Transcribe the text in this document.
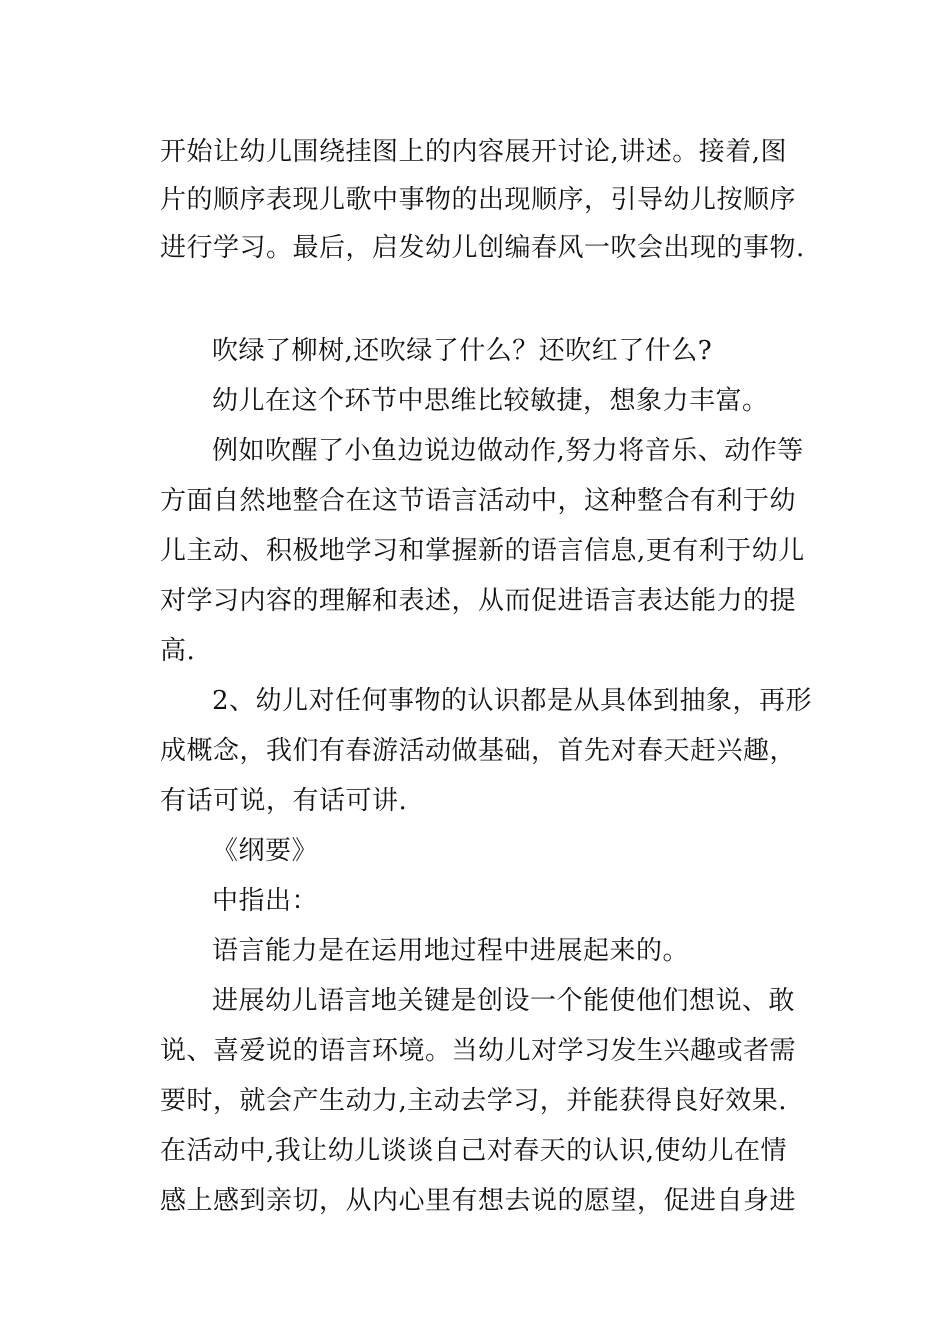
开始让幼儿围绕挂图上的内容展开讨论,讲述。接着,图
片的顺序表现儿歌中事物的出现顺序，引导幼儿按顺序
进行学习。最后，启发幼儿创编春风一吹会出现的事物.
吹绿了柳树,还吹绿了什么？还吹红了什么?
幼儿在这个环节中思维比较敏捷，想象力丰富。
例如吹醒了小鱼边说边做动作,努力将音乐、动作等
方面自然地整合在这节语言活动中，这种整合有利于幼
儿主动、积极地学习和掌握新的语言信息,更有利于幼儿
对学习内容的理解和表述，从而促进语言表达能力的提
高.
2、幼儿对任何事物的认识都是从具体到抽象，再形
成概念，我们有春游活动做基础，首先对春天赶兴趣，
有话可说，有话可讲.
《纲要》
中指出：
语言能力是在运用地过程中进展起来的。
进展幼儿语言地关键是创设一个能使他们想说、敢
说、喜爱说的语言环境。当幼儿对学习发生兴趣或者需
要时，就会产生动力,主动去学习，并能获得良好效果.
在活动中,我让幼儿谈谈自己对春天的认识,使幼儿在情
感上感到亲切，从内心里有想去说的愿望，促进自身进
